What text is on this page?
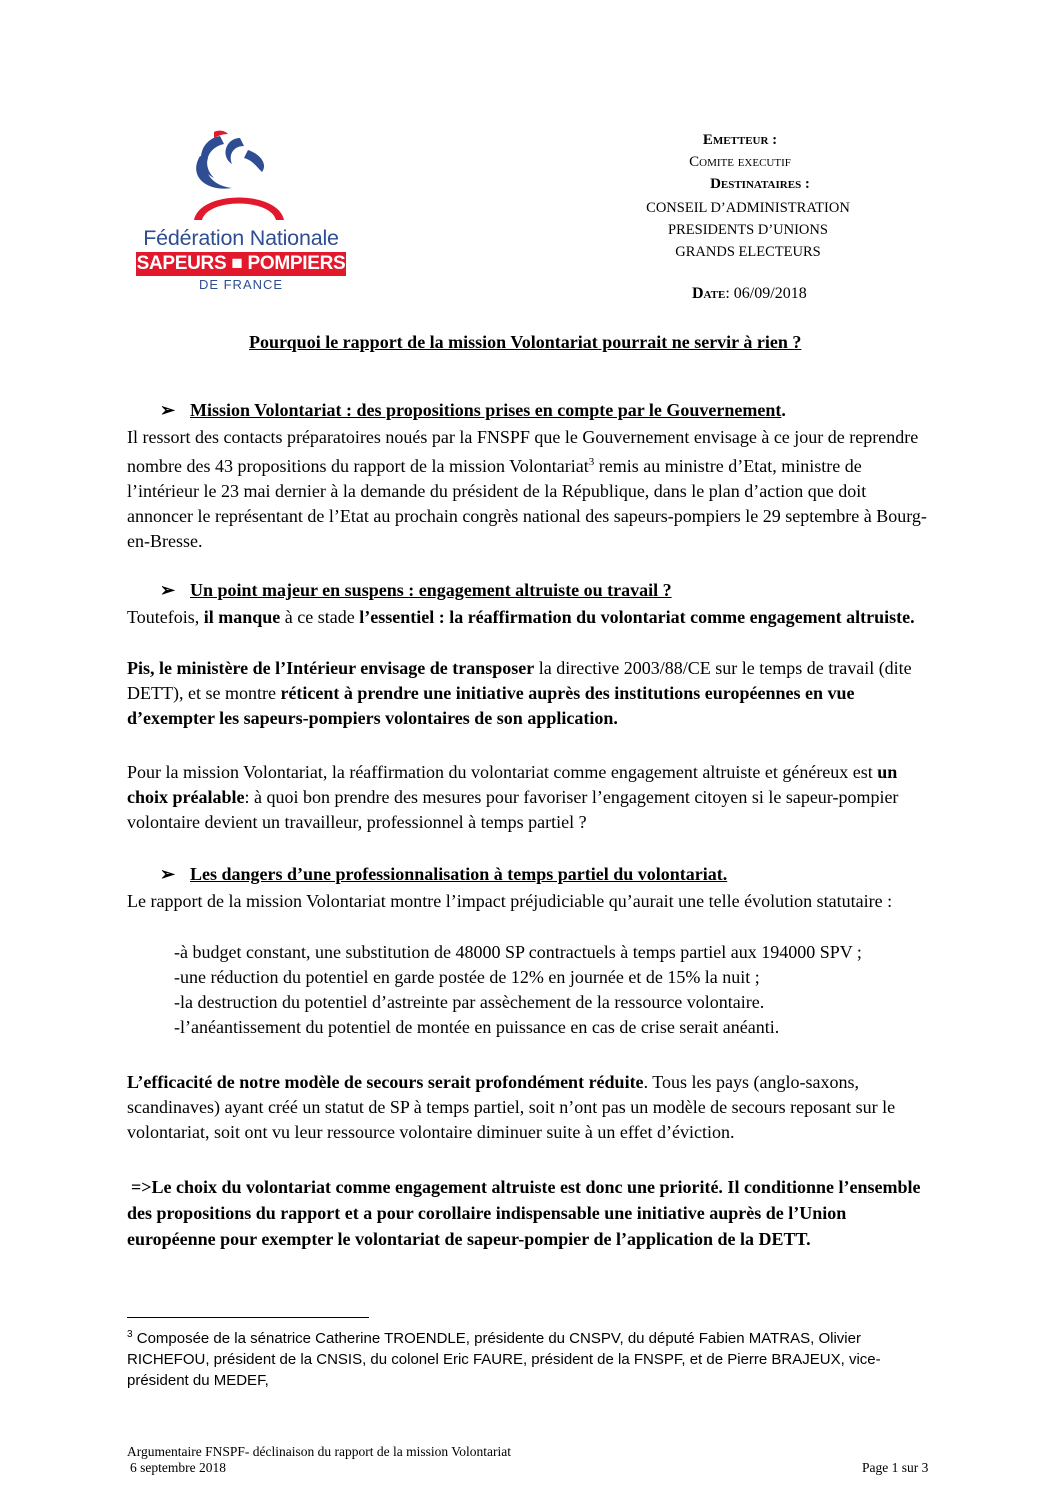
Fédération Nationale
SAPEURS ■ POMPIERS
DE FRANCE
Emetteur :
Comite executif
Destinataires :
CONSEIL D’ADMINISTRATION
PRESIDENTS D’UNIONS
GRANDS ELECTEURS
Date: 06/09/2018
Pourquoi le rapport de la mission Volontariat pourrait ne servir à rien ?
➢ Mission Volontariat : des propositions prises en compte par le Gouvernement.
Il ressort des contacts préparatoires noués par la FNSPF que le Gouvernement envisage à ce jour de reprendre nombre des 43 propositions du rapport de la mission Volontariat$^3$ remis au ministre d’Etat, ministre de l’intérieur le 23 mai dernier à la demande du président de la République, dans le plan d’action que doit annoncer le représentant de l’Etat au prochain congrès national des sapeurs-pompiers le 29 septembre à Bourg-en-Bresse.
➢ Un point majeur en suspens : engagement altruiste ou travail ?
Toutefois, il manque à ce stade l’essentiel : la réaffirmation du volontariat comme engagement altruiste.
Pis, le ministère de l’Intérieur envisage de transposer la directive 2003/88/CE sur le temps de travail (dite DETT), et se montre réticent à prendre une initiative auprès des institutions européennes en vue d’exempter les sapeurs-pompiers volontaires de son application.
Pour la mission Volontariat, la réaffirmation du volontariat comme engagement altruiste et généreux est un choix préalable: à quoi bon prendre des mesures pour favoriser l’engagement citoyen si le sapeur-pompier volontaire devient un travailleur, professionnel à temps partiel ?
➢ Les dangers d’une professionnalisation à temps partiel du volontariat.
Le rapport de la mission Volontariat montre l’impact préjudiciable qu’aurait une telle évolution statutaire :
-à budget constant, une substitution de 48000 SP contractuels à temps partiel aux 194000 SPV ;
-une réduction du potentiel en garde postée de 12% en journée et de 15% la nuit ;
-la destruction du potentiel d’astreinte par assèchement de la ressource volontaire.
-l’anéantissement du potentiel de montée en puissance en cas de crise serait anéanti.
L’efficacité de notre modèle de secours serait profondément réduite. Tous les pays (anglo-saxons, scandinaves) ayant créé un statut de SP à temps partiel, soit n’ont pas un modèle de secours reposant sur le volontariat, soit ont vu leur ressource volontaire diminuer suite à un effet d’éviction.
=>Le choix du volontariat comme engagement altruiste est donc une priorité. Il conditionne l’ensemble des propositions du rapport et a pour corollaire indispensable une initiative auprès de l’Union européenne pour exempter le volontariat de sapeur-pompier de l’application de la DETT.
$^3$ Composée de la sénatrice Catherine TROENDLE, présidente du CNSPV, du député Fabien MATRAS, Olivier RICHEFOU, président de la CNSIS, du colonel Eric FAURE, président de la FNSPF, et de Pierre BRAJEUX, vice-président du MEDEF,
Argumentaire FNSPF- déclinaison du rapport de la mission Volontariat
6 septembre 2018	Page 1 sur 3
